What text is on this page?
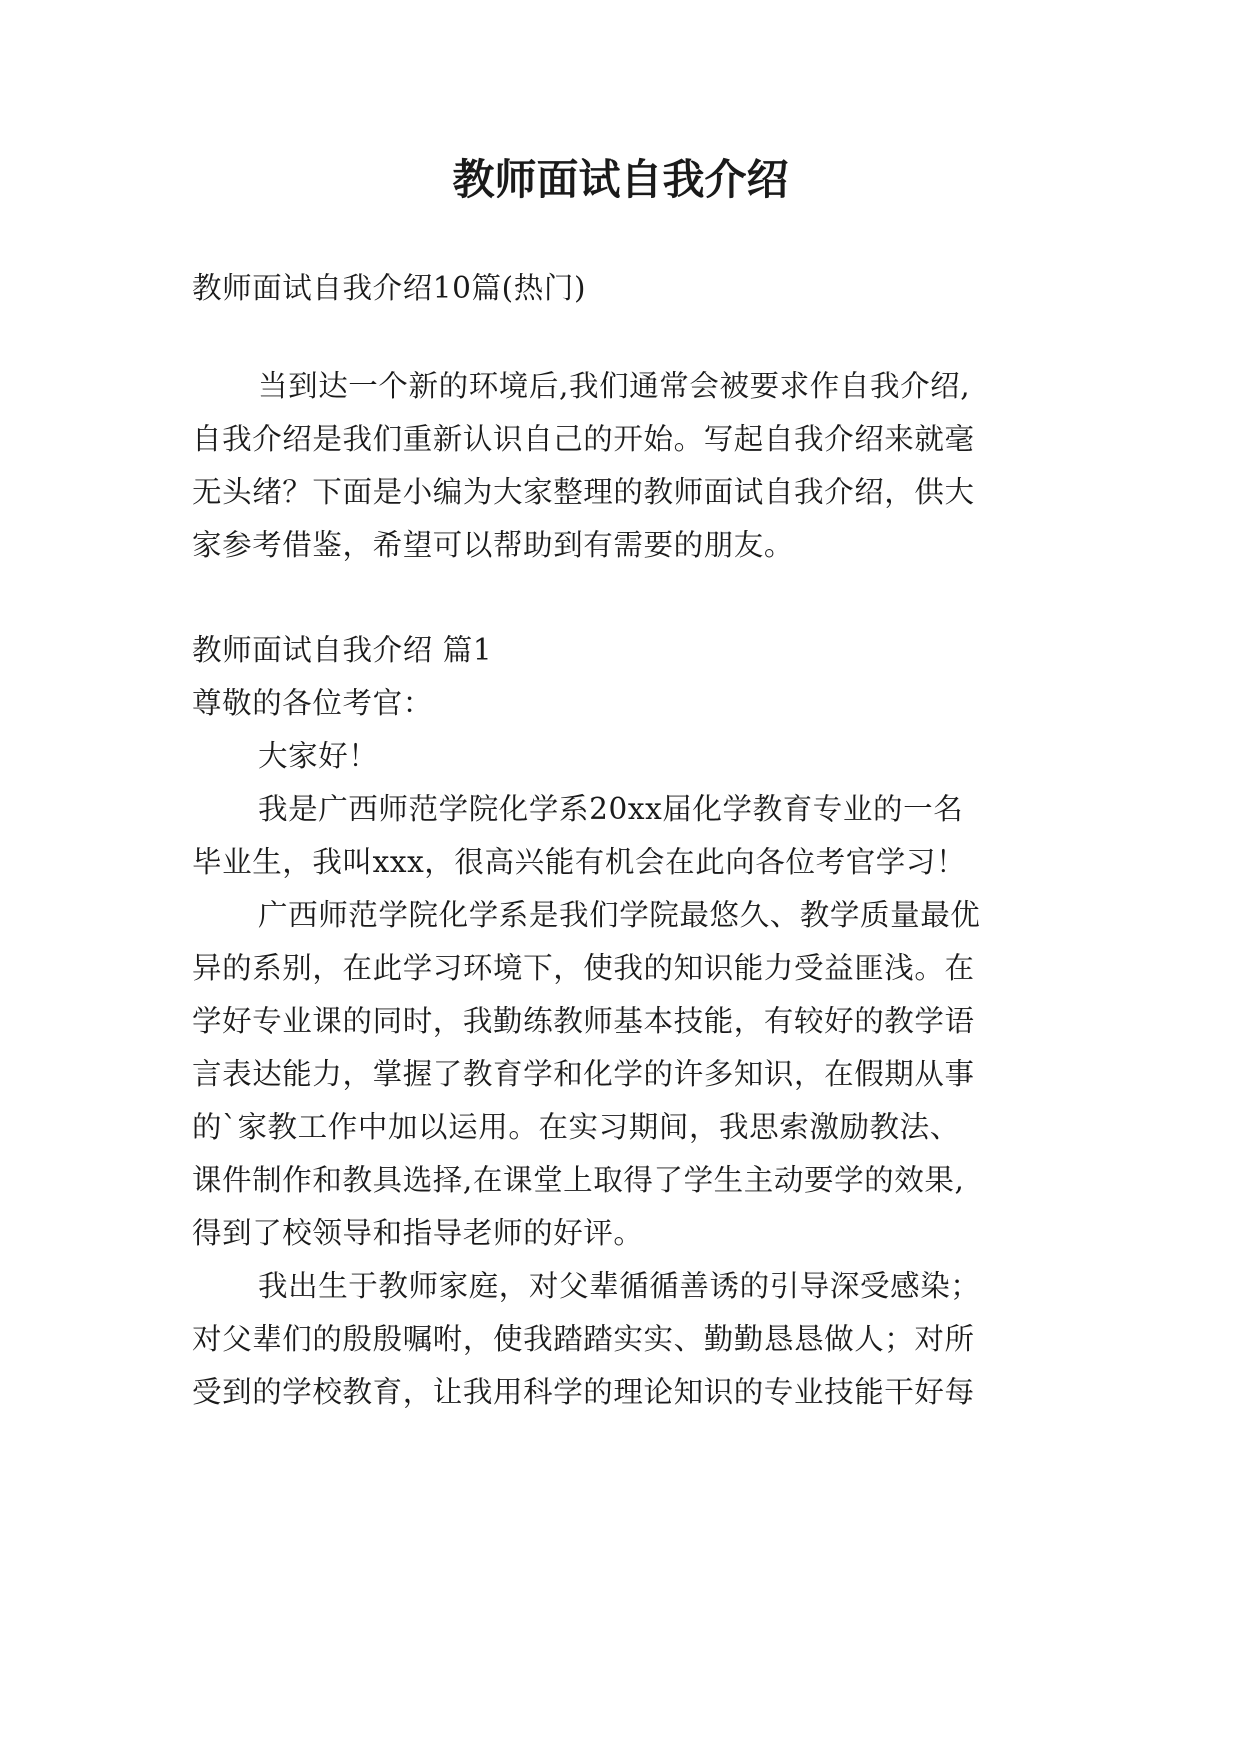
教师面试自我介绍
教师面试自我介绍10篇(热门)
当到达一个新的环境后,我们通常会被要求作自我介绍,
自我介绍是我们重新认识自己的开始。写起自我介绍来就毫
无头绪？下面是小编为大家整理的教师面试自我介绍，供大
家参考借鉴，希望可以帮助到有需要的朋友。
教师面试自我介绍 篇1
尊敬的各位考官：
大家好！
我是广西师范学院化学系20xx届化学教育专业的一名
毕业生，我叫xxx，很高兴能有机会在此向各位考官学习！
广西师范学院化学系是我们学院最悠久、教学质量最优
异的系别，在此学习环境下，使我的知识能力受益匪浅。在
学好专业课的同时，我勤练教师基本技能，有较好的教学语
言表达能力，掌握了教育学和化学的许多知识，在假期从事
的`家教工作中加以运用。在实习期间，我思索激励教法、
课件制作和教具选择,在课堂上取得了学生主动要学的效果,
得到了校领导和指导老师的好评。
我出生于教师家庭，对父辈循循善诱的引导深受感染；
对父辈们的殷殷嘱咐，使我踏踏实实、勤勤恳恳做人；对所
受到的学校教育，让我用科学的理论知识的专业技能干好每
